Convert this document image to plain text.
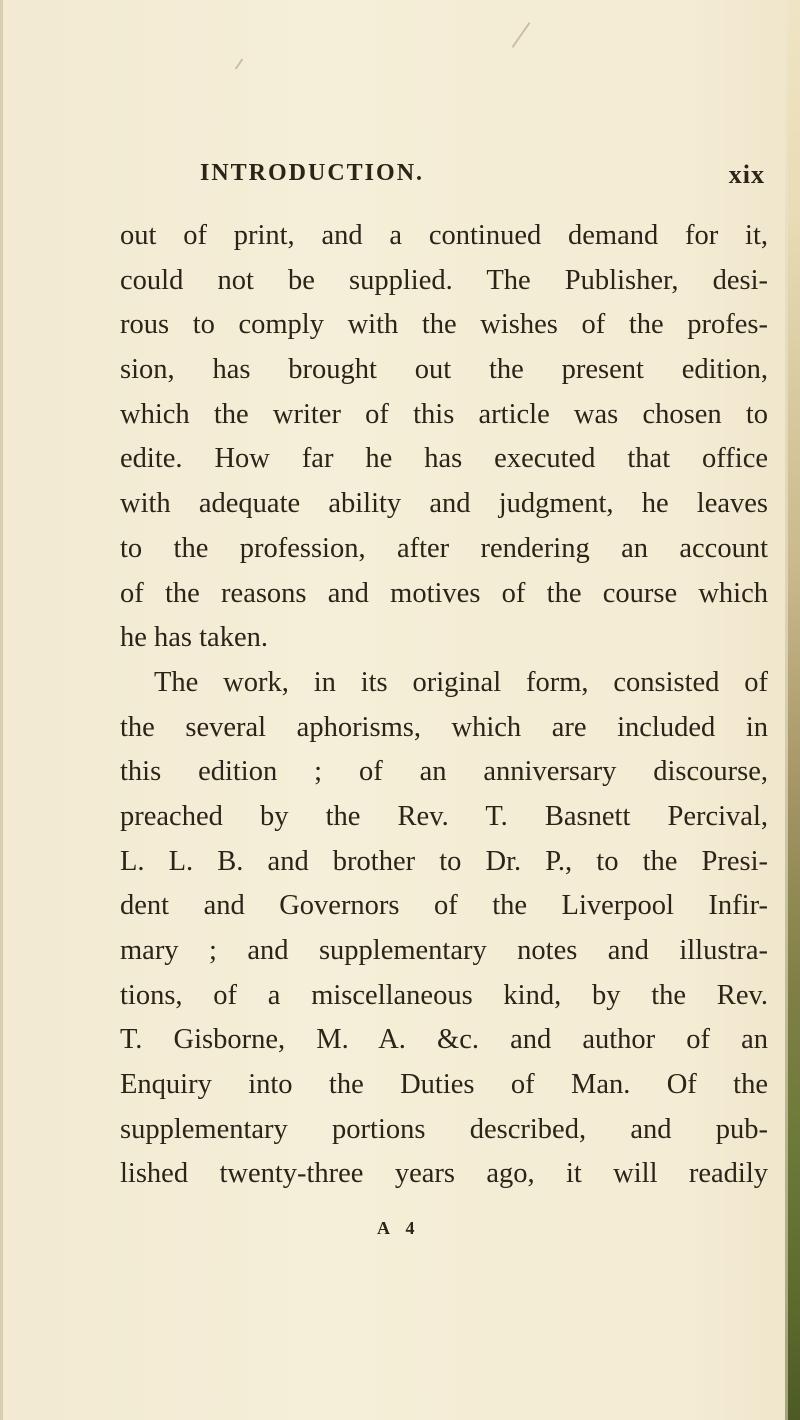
INTRODUCTION.	xix
out of print, and a continued demand for it,
could not be supplied. The Publisher, desi-
rous to comply with the wishes of the profes-
sion, has brought out the present edition,
which the writer of this article was chosen to
edite. How far he has executed that office
with adequate ability and judgment, he leaves
to the profession, after rendering an account
of the reasons and motives of the course which
he has taken.
The work, in its original form, consisted of
the several aphorisms, which are included in
this edition ; of an anniversary discourse,
preached by the Rev. T. Basnett Percival,
L. L. B. and brother to Dr. P., to the Presi-
dent and Governors of the Liverpool Infir-
mary ; and supplementary notes and illustra-
tions, of a miscellaneous kind, by the Rev.
T. Gisborne, M. A. &c. and author of an
Enquiry into the Duties of Man. Of the
supplementary portions described, and pub-
lished twenty-three years ago, it will readily
A 4
